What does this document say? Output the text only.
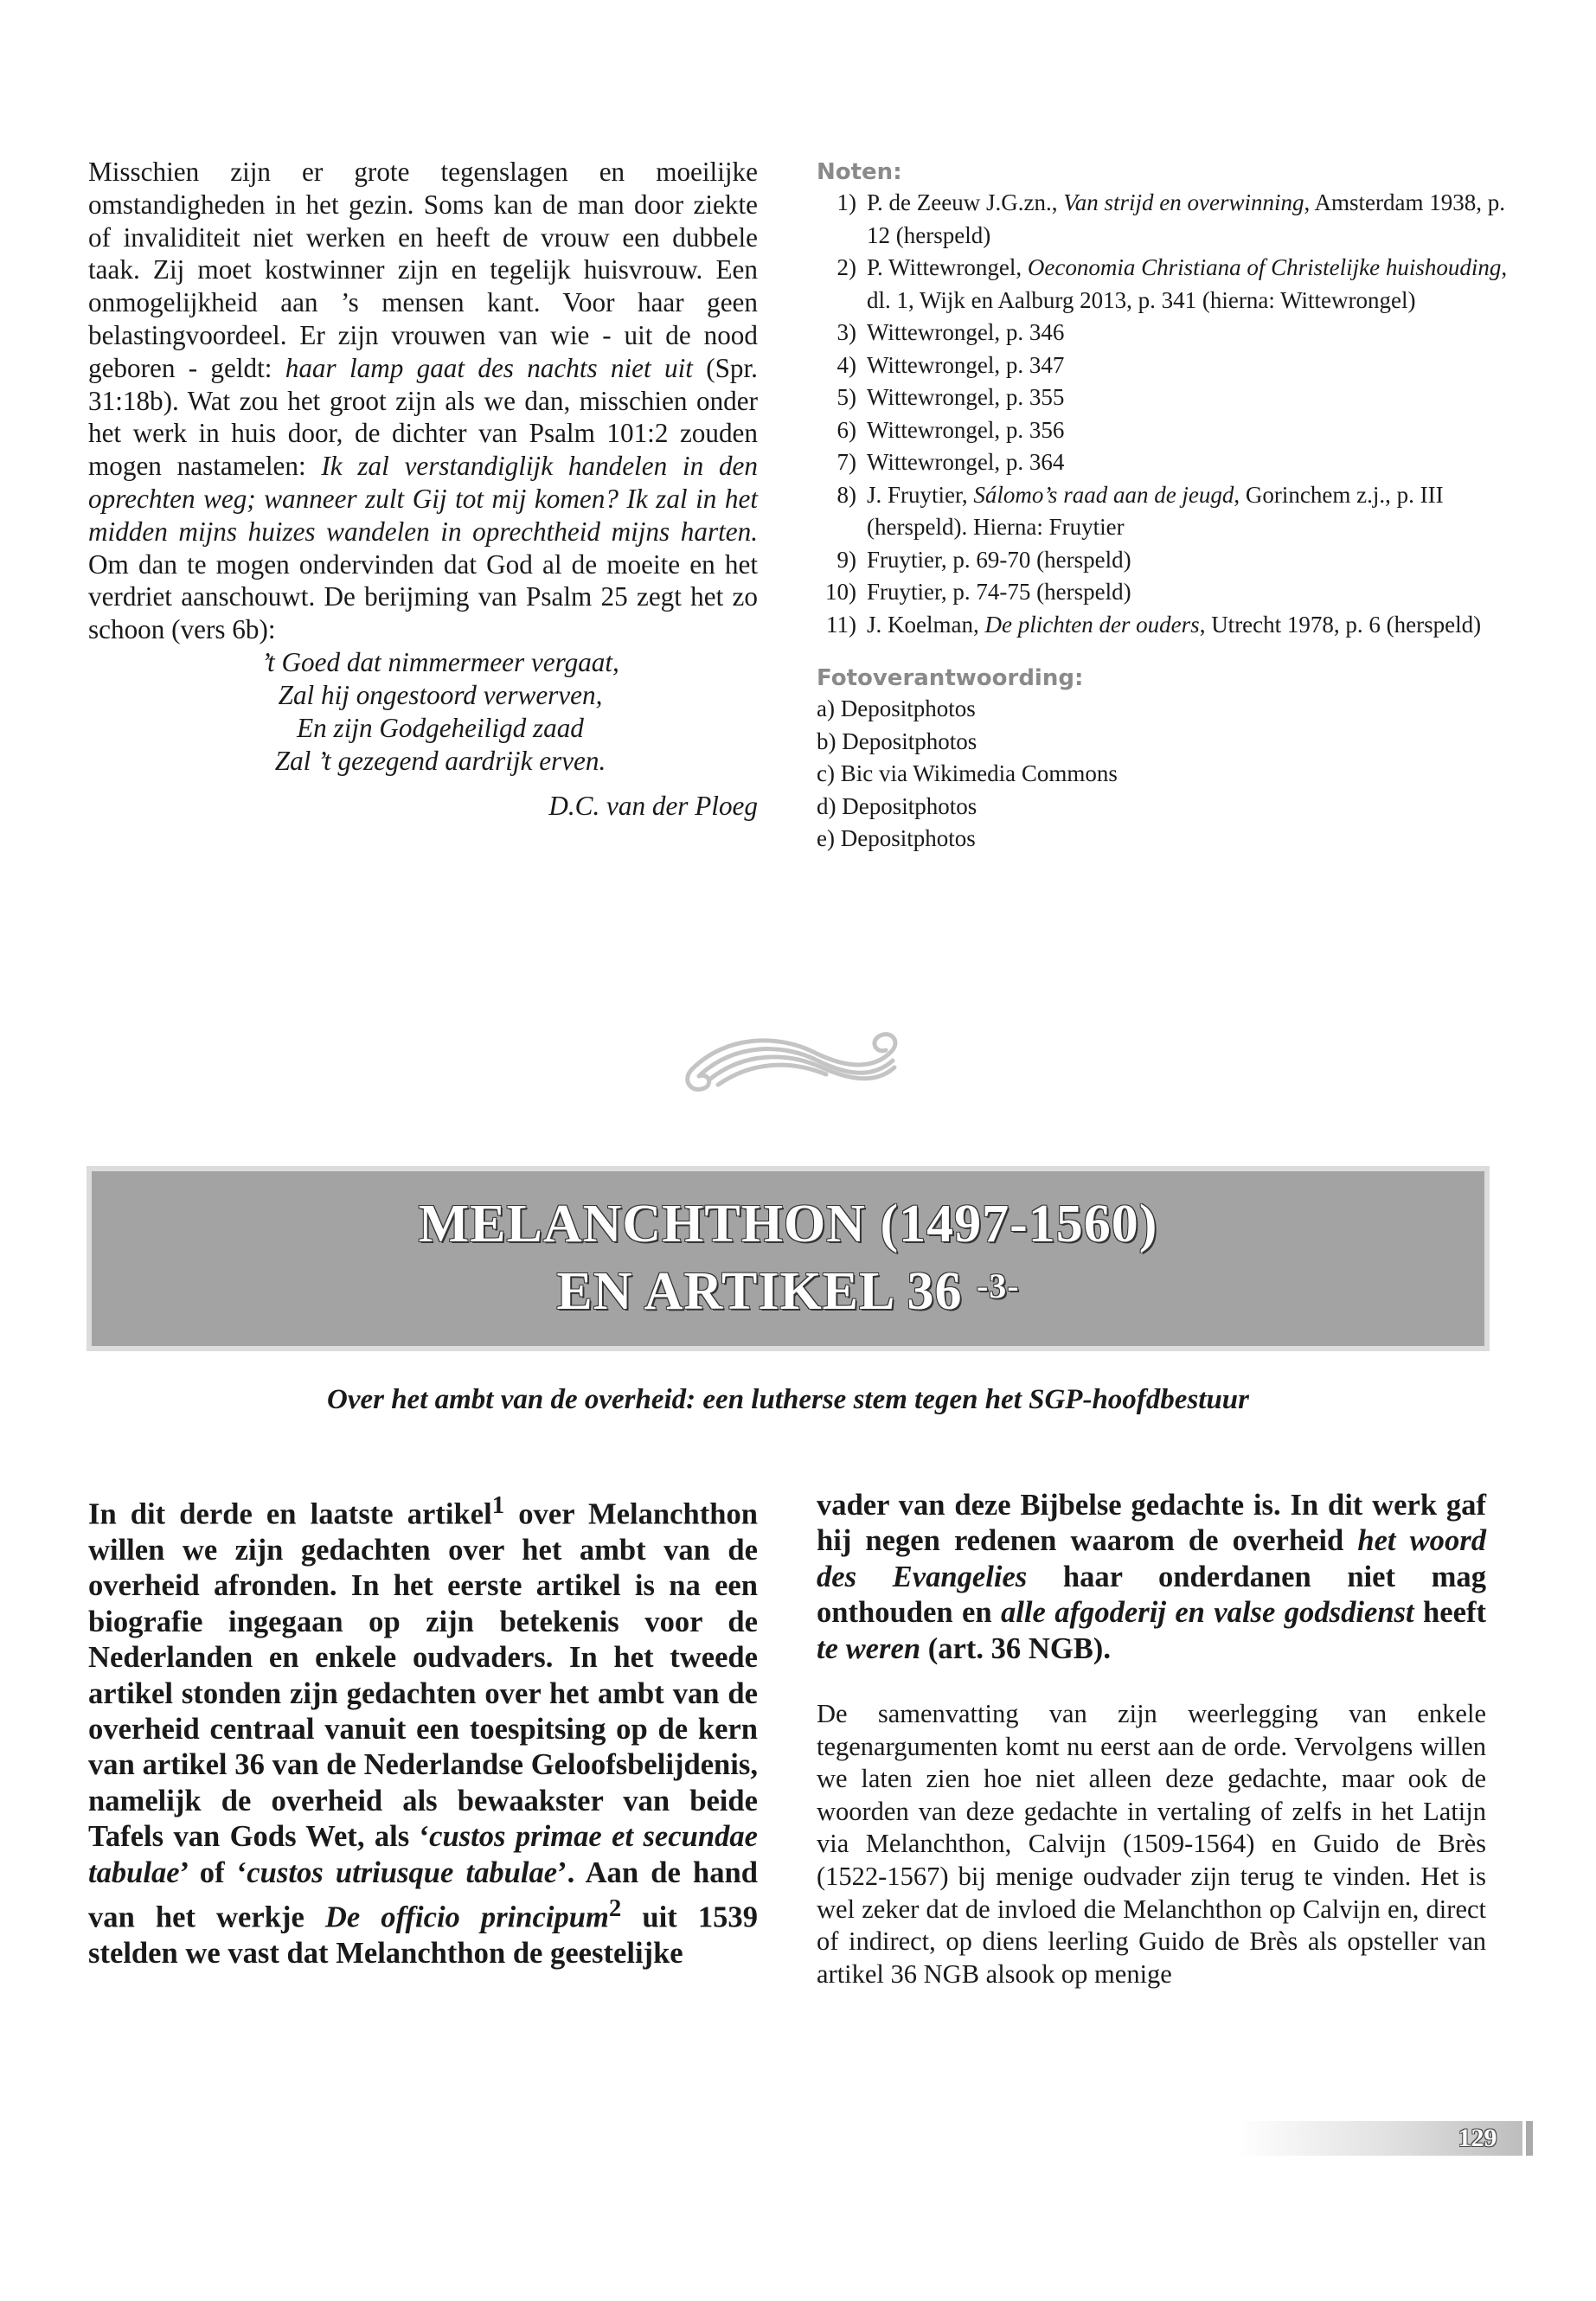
Misschien zijn er grote tegenslagen en moeilijke omstandigheden in het gezin. Soms kan de man door ziekte of invaliditeit niet werken en heeft de vrouw een dubbele taak. Zij moet kostwinner zijn en tegelijk huisvrouw. Een onmogelijkheid aan ’s mensen kant. Voor haar geen belastingvoordeel. Er zijn vrouwen van wie - uit de nood geboren - geldt: haar lamp gaat des nachts niet uit (Spr. 31:18b). Wat zou het groot zijn als we dan, misschien onder het werk in huis door, de dichter van Psalm 101:2 zouden mogen nastamelen: Ik zal verstandiglijk handelen in den oprechten weg; wanneer zult Gij tot mij komen? Ik zal in het midden mijns huizes wandelen in oprechtheid mijns harten. Om dan te mogen ondervinden dat God al de moeite en het verdriet aanschouwt. De berijming van Psalm 25 zegt het zo schoon (vers 6b):

’t Goed dat nimmermeer vergaat,
Zal hij ongestoord verwerven,
En zijn Godgeheiligd zaad
Zal ’t gezegend aardrijk erven.
D.C. van der Ploeg
Noten:
1) P. de Zeeuw J.G.zn., Van strijd en overwinning, Amsterdam 1938, p. 12 (herspeld)
2) P. Wittewrongel, Oeconomia Christiana of Christelijke huishouding, dl. 1, Wijk en Aalburg 2013, p. 341 (hierna: Wittewrongel)
3) Wittewrongel, p. 346
4) Wittewrongel, p. 347
5) Wittewrongel, p. 355
6) Wittewrongel, p. 356
7) Wittewrongel, p. 364
8) J. Fruytier, Sálomo’s raad aan de jeugd, Gorinchem z.j., p. III (herspeld). Hierna: Fruytier
9) Fruytier, p. 69-70 (herspeld)
10) Fruytier, p. 74-75 (herspeld)
11) J. Koelman, De plichten der ouders, Utrecht 1978, p. 6 (herspeld)
Fotoverantwoording:
a) Depositphotos
b) Depositphotos
c) Bic via Wikimedia Commons
d) Depositphotos
e) Depositphotos
MELANCHTHON (1497-1560)
EN ARTIKEL 36 $^{-3-}$
Over het ambt van de overheid: een lutherse stem tegen het SGP-hoofdbestuur

In dit derde en laatste artikel$^1$ over Melanchthon willen we zijn gedachten over het ambt van de overheid afronden. In het eerste artikel is na een biografie ingegaan op zijn betekenis voor de Nederlanden en enkele oudvaders. In het tweede artikel stonden zijn gedachten over het ambt van de overheid centraal vanuit een toespitsing op de kern van artikel 36 van de Nederlandse Geloofsbelijdenis, namelijk de overheid als bewaakster van beide Tafels van Gods Wet, als ‘custos primae et secundae tabulae’ of ‘custos utriusque tabulae’. Aan de hand van het werkje De officio principum$^2$ uit 1539 stelden we vast dat Melanchthon de geestelijke

vader van deze Bijbelse gedachte is. In dit werk gaf hij negen redenen waarom de overheid het woord des Evangelies haar onderdanen niet mag onthouden en alle afgoderij en valse godsdienst heeft te weren (art. 36 NGB).

De samenvatting van zijn weerlegging van enkele tegenargumenten komt nu eerst aan de orde. Vervolgens willen we laten zien hoe niet alleen deze gedachte, maar ook de woorden van deze gedachte in vertaling of zelfs in het Latijn via Melanchthon, Calvijn (1509-1564) en Guido de Brès (1522-1567) bij menige oudvader zijn terug te vinden. Het is wel zeker dat de invloed die Melanchthon op Calvijn en, direct of indirect, op diens leerling Guido de Brès als opsteller van artikel 36 NGB alsook op menige

129
